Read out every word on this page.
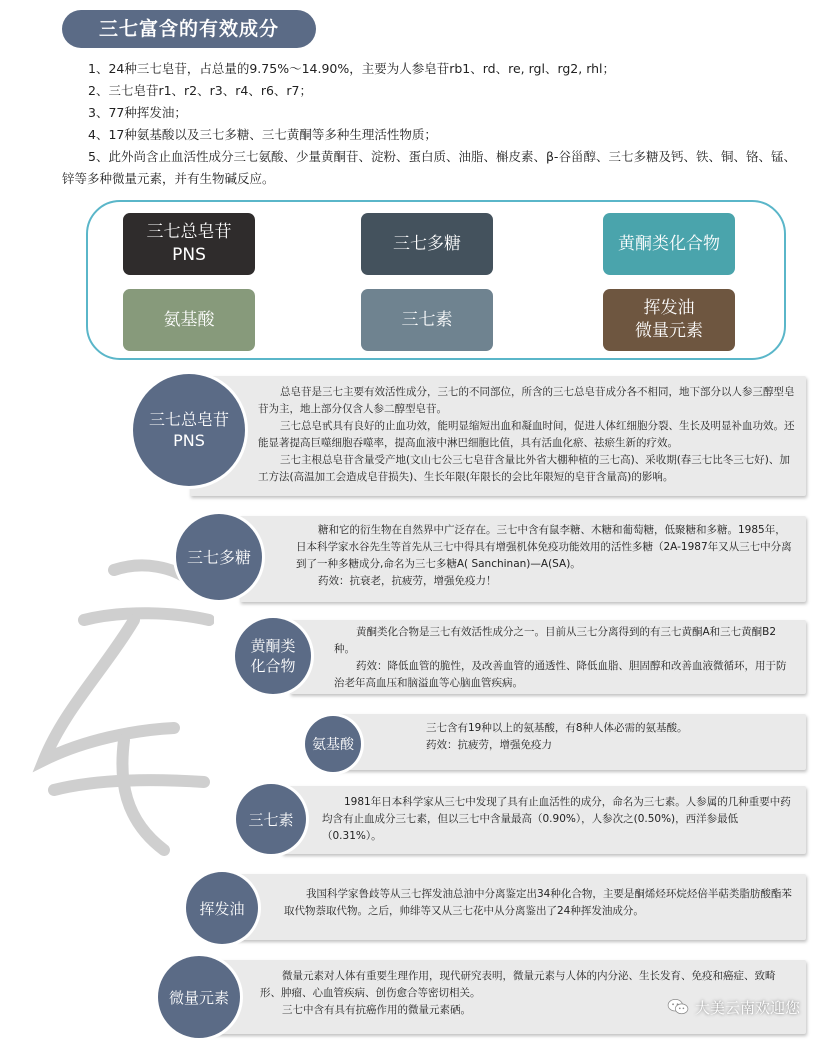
三七富含的有效成分

1、24种三七皂苷，占总量的9.75%～14.90%，主要为人参皂苷rb1、rd、re, rgl、rg2, rhl；

2、三七皂苷r1、r2、r3、r4、r6、r7；

3、77种挥发油；

4、17种氨基酸以及三七多糖、三七黄酮等多种生理活性物质；

5、此外尚含止血活性成分三七氨酸、少量黄酮苷、淀粉、蛋白质、油脂、槲皮素、β-谷甾醇、三七多糖及钙、铁、铜、铬、锰、锌等多种微量元素，并有生物碱反应。

三七总皂苷
PNS
三七多糖	黄酮类化合物
氨基酸	三七素
挥发油
微量元素

总皂苷是三七主要有效活性成分，三七的不同部位，所含的三七总皂苷成分各不相同，地下部分以人参三醇型皂苷为主，地上部分仅含人参二醇型皂苷。

三七总皂甙具有良好的止血功效，能明显缩短出血和凝血时间，促进人体红细胞分裂、生长及明显补血功效。还能显著提高巨噬细胞吞噬率，提高血液中淋巴细胞比值，具有活血化瘀、祛瘀生新的疗效。

三七主根总皂苷含量受产地(文山七公三七皂苷含量比外省大棚种植的三七高)、采收期(春三七比冬三七好)、加工方法(高温加工会造成皂苷损失)、生长年限(年限长的会比年限短的皂苷含量高)的影响。

三七总皂苷
PNS

糖和它的衍生物在自然界中广泛存在。三七中含有鼠李糖、木糖和葡萄糖，低聚糖和多糖。1985年，日本科学家水谷先生等首先从三七中得具有增强机体免疫功能效用的活性多糖（2A-1987年又从三七中分离到了一种多糖成分,命名为三七多糖A( Sanchinan)—A(SA)。

药效：抗衰老，抗疲劳，增强免疫力！

三七多糖

黄酮类化合物是三七有效活性成分之一。目前从三七分离得到的有三七黄酮A和三七黄酮B2种。

药效：降低血管的脆性，及改善血管的通透性、降低血脂、胆固醇和改善血液微循环，用于防治老年高血压和脑溢血等心脑血管疾病。

黄酮类
化合物

三七含有19种以上的氨基酸，有8种人体必需的氨基酸。

药效：抗疲劳，增强免疫力

氨基酸

1981年日本科学家从三七中发现了具有止血活性的成分，命名为三七素。人参属的几种重要中药均含有止血成分三七素，但以三七中含量最高（0.90%），人参次之(0.50%)，西洋参最低（0.31%）。

三七素

我国科学家鲁歧等从三七挥发油总油中分离鉴定出34种化合物，主要是酮烯烃环烷烃倍半萜类脂肪酸酯苯取代物萘取代物。之后，帅绯等又从三七花中从分离鉴出了24种挥发油成分。

挥发油

微量元素对人体有重要生理作用，现代研究表明，微量元素与人体的内分泌、生长发育、免疫和癌症、致畸形、肿瘤、心血管疾病、创伤愈合等密切相关。

三七中含有具有抗癌作用的微量元素硒。

微量元素
大美云南欢迎您
